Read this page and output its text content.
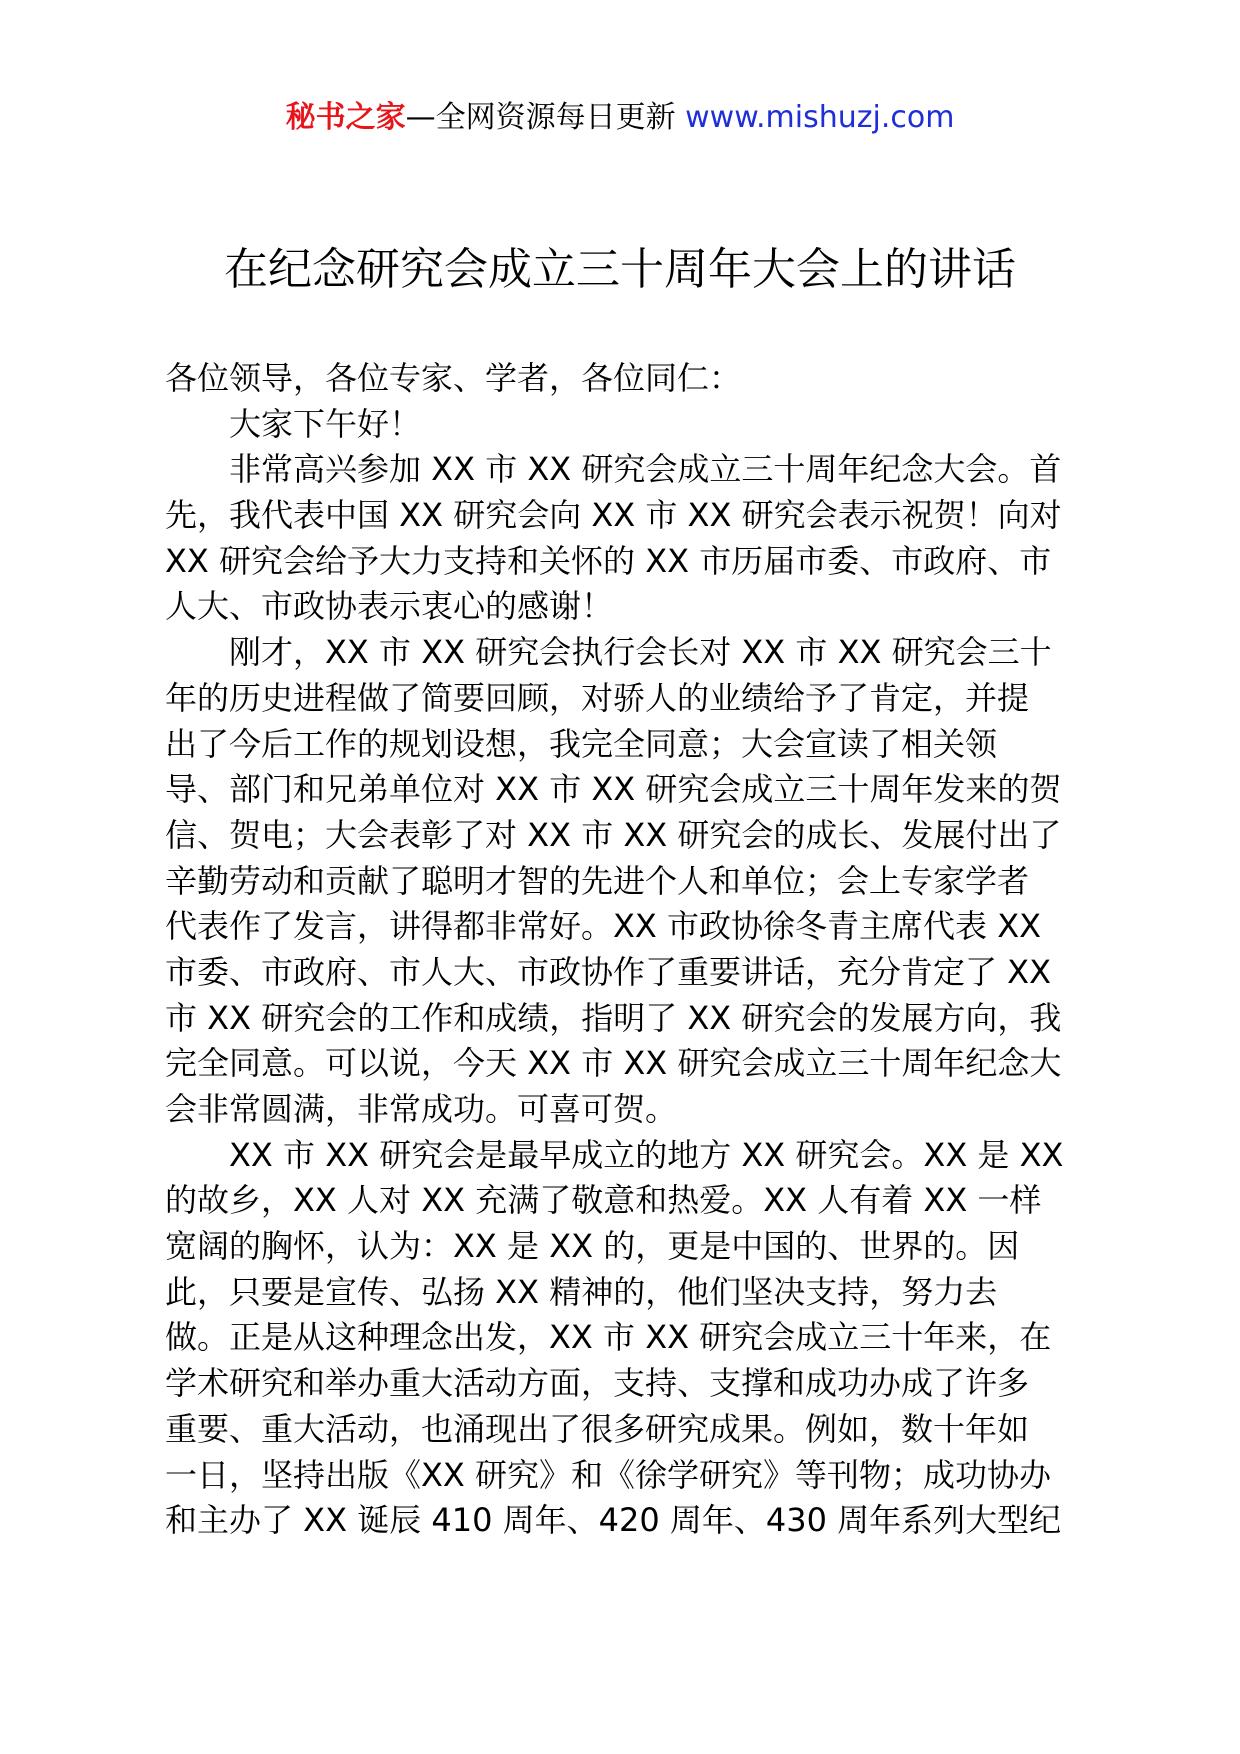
秘书之家—全网资源每日更新 www.mishuzj.com
在纪念研究会成立三十周年大会上的讲话
各位领导，各位专家、学者，各位同仁：
大家下午好！
非常高兴参加 XX 市 XX 研究会成立三十周年纪念大会。首
先，我代表中国 XX 研究会向 XX 市 XX 研究会表示祝贺！向对
XX 研究会给予大力支持和关怀的 XX 市历届市委、市政府、市
人大、市政协表示衷心的感谢！
刚才，XX 市 XX 研究会执行会长对 XX 市 XX 研究会三十
年的历史进程做了简要回顾，对骄人的业绩给予了肯定，并提
出了今后工作的规划设想，我完全同意；大会宣读了相关领
导、部门和兄弟单位对 XX 市 XX 研究会成立三十周年发来的贺
信、贺电；大会表彰了对 XX 市 XX 研究会的成长、发展付出了
辛勤劳动和贡献了聪明才智的先进个人和单位；会上专家学者
代表作了发言，讲得都非常好。XX 市政协徐冬青主席代表 XX
市委、市政府、市人大、市政协作了重要讲话，充分肯定了 XX
市 XX 研究会的工作和成绩，指明了 XX 研究会的发展方向，我
完全同意。可以说，今天 XX 市 XX 研究会成立三十周年纪念大
会非常圆满，非常成功。可喜可贺。
XX 市 XX 研究会是最早成立的地方 XX 研究会。XX 是 XX
的故乡，XX 人对 XX 充满了敬意和热爱。XX 人有着 XX 一样
宽阔的胸怀，认为：XX 是 XX 的，更是中国的、世界的。因
此，只要是宣传、弘扬 XX 精神的，他们坚决支持，努力去
做。正是从这种理念出发，XX 市 XX 研究会成立三十年来，在
学术研究和举办重大活动方面，支持、支撑和成功办成了许多
重要、重大活动，也涌现出了很多研究成果。例如，数十年如
一日，坚持出版《XX 研究》和《徐学研究》等刊物；成功协办
和主办了 XX 诞辰 410 周年、420 周年、430 周年系列大型纪
